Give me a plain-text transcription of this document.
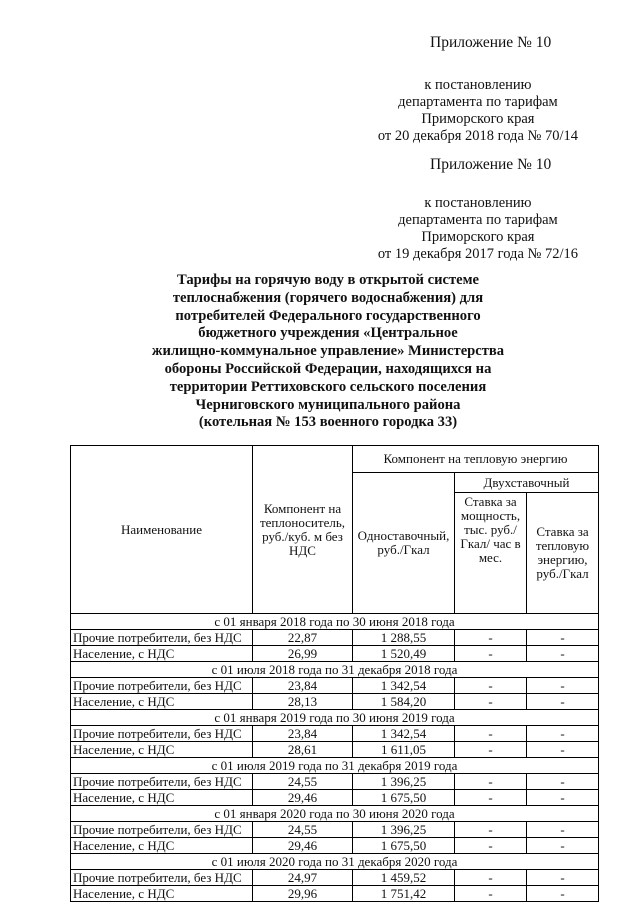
Приложение № 10
к постановлению
департамента по тарифам
Приморского края
от 20 декабря 2018 года № 70/14
Приложение № 10
к постановлению
департамента по тарифам
Приморского края
от 19 декабря 2017 года № 72/16
Тарифы на горячую воду в открытой системе
теплоснабжения (горячего водоснабжения) для
потребителей Федерального государственного
бюджетного учреждения «Центральное
жилищно-коммунальное управление» Министерства
обороны Российской Федерации, находящихся на
территории Реттиховского сельского поселения
Черниговского муниципального района
(котельная № 153 военного городка 33)
Наименование	Компонент на теплоноситель, руб./куб. м без НДС	Компонент на тепловую энергию		
		Одноставочный, руб./Гкал	Двухставочный	
			Ставка за мощность, тыс. руб./Гкал/ час в мес.	Ставка за тепловую энергию, руб./Гкал
с 01 января 2018 года по 30 июня 2018 года				
Прочие потребители, без НДС	22,87	1 288,55	-	-
Население, с НДС	26,99	1 520,49	-	-
с 01 июля 2018 года по 31 декабря 2018 года				
Прочие потребители, без НДС	23,84	1 342,54	-	-
Население, с НДС	28,13	1 584,20	-	-
с 01 января 2019 года по 30 июня 2019 года				
Прочие потребители, без НДС	23,84	1 342,54	-	-
Население, с НДС	28,61	1 611,05	-	-
с 01 июля 2019 года по 31 декабря 2019 года				
Прочие потребители, без НДС	24,55	1 396,25	-	-
Население, с НДС	29,46	1 675,50	-	-
с 01 января 2020 года по 30 июня 2020 года				
Прочие потребители, без НДС	24,55	1 396,25	-	-
Население, с НДС	29,46	1 675,50	-	-
с 01 июля 2020 года по 31 декабря 2020 года				
Прочие потребители, без НДС	24,97	1 459,52	-	-
Население, с НДС	29,96	1 751,42	-	-
